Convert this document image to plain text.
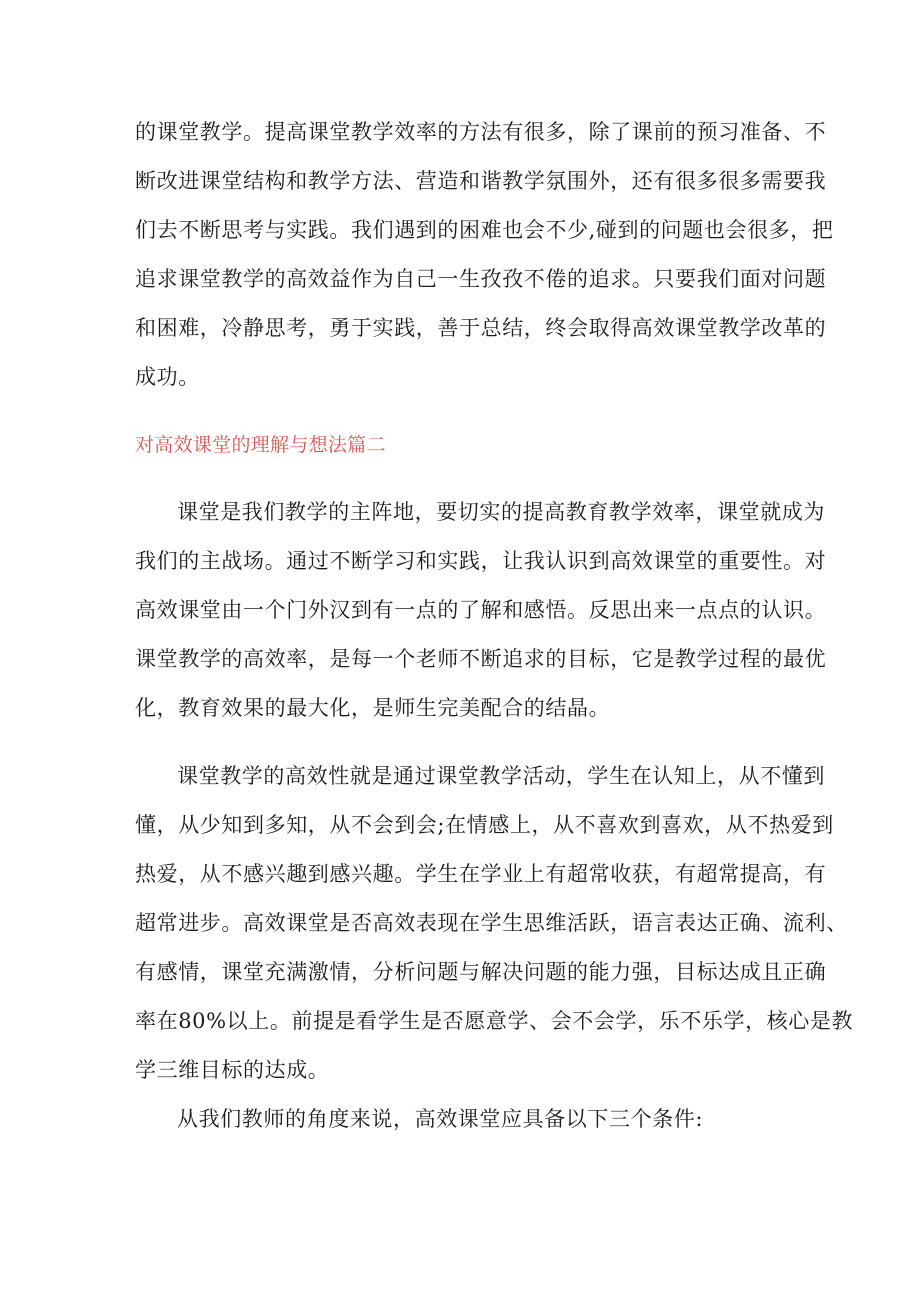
的课堂教学。提高课堂教学效率的方法有很多，除了课前的预习准备、不
断改进课堂结构和教学方法、营造和谐教学氛围外，还有很多很多需要我
们去不断思考与实践。我们遇到的困难也会不少,碰到的问题也会很多，把
追求课堂教学的高效益作为自己一生孜孜不倦的追求。只要我们面对问题
和困难，冷静思考，勇于实践，善于总结，终会取得高效课堂教学改革的
成功。
对高效课堂的理解与想法篇二
课堂是我们教学的主阵地，要切实的提高教育教学效率，课堂就成为
我们的主战场。通过不断学习和实践，让我认识到高效课堂的重要性。对
高效课堂由一个门外汉到有一点的了解和感悟。反思出来一点点的认识。
课堂教学的高效率，是每一个老师不断追求的目标，它是教学过程的最优
化，教育效果的最大化，是师生完美配合的结晶。
课堂教学的高效性就是通过课堂教学活动，学生在认知上，从不懂到
懂，从少知到多知，从不会到会;在情感上，从不喜欢到喜欢，从不热爱到
热爱，从不感兴趣到感兴趣。学生在学业上有超常收获，有超常提高，有
超常进步。高效课堂是否高效表现在学生思维活跃，语言表达正确、流利、
有感情，课堂充满激情，分析问题与解决问题的能力强，目标达成且正确
率在80%以上。前提是看学生是否愿意学、会不会学，乐不乐学，核心是教
学三维目标的达成。
从我们教师的角度来说，高效课堂应具备以下三个条件:
